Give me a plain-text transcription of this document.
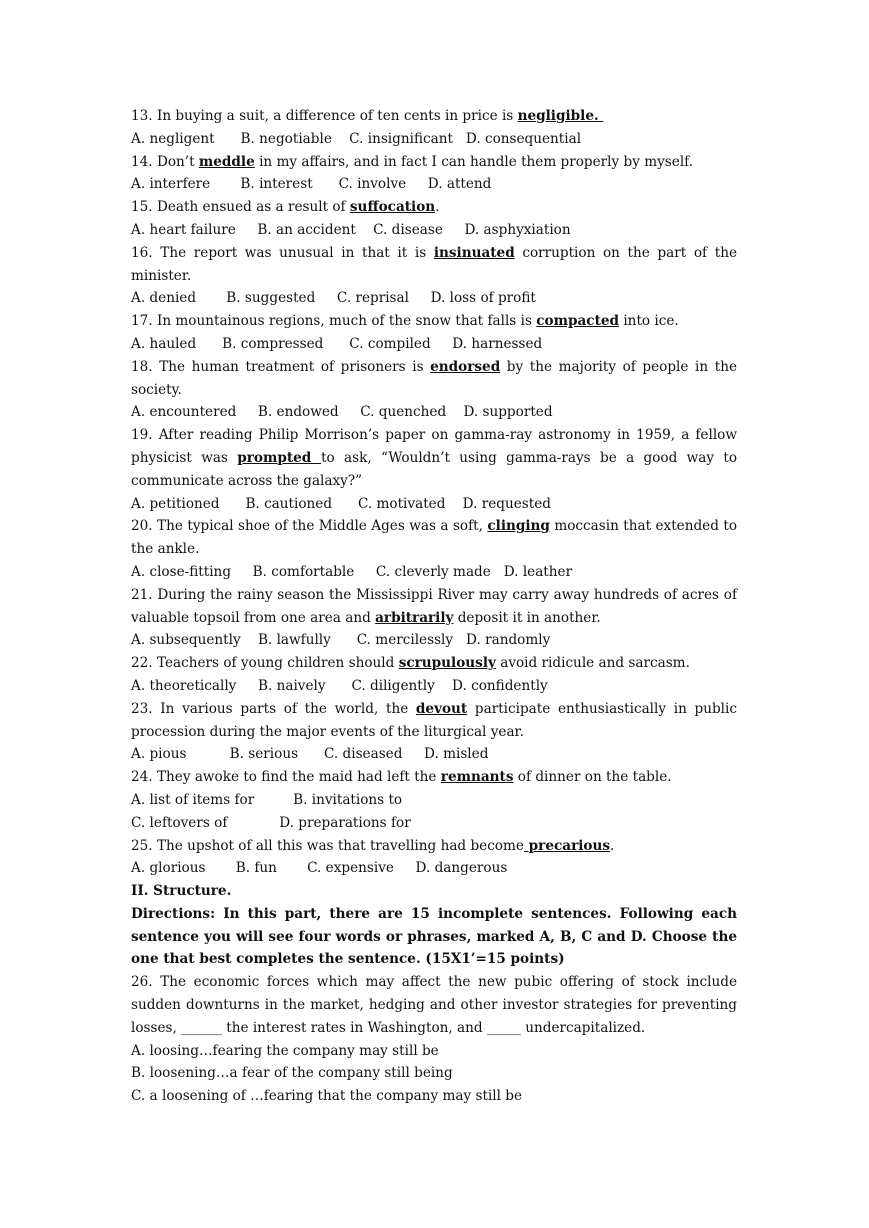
13. In buying a suit, a difference of ten cents in price is negligible.
A. negligent      B. negotiable    C. insignificant   D. consequential
14. Don’t meddle in my affairs, and in fact I can handle them properly by myself.
A. interfere       B. interest      C. involve     D. attend
15. Death ensued as a result of suffocation.
A. heart failure     B. an accident    C. disease     D. asphyxiation
16. The report was unusual in that it is insinuated corruption on the part of the minister.
A. denied       B. suggested     C. reprisal     D. loss of profit
17. In mountainous regions, much of the snow that falls is compacted into ice.
A. hauled      B. compressed      C. compiled     D. harnessed
18. The human treatment of prisoners is endorsed by the majority of people in the society.
A. encountered     B. endowed     C. quenched    D. supported
19. After reading Philip Morrison’s paper on gamma-ray astronomy in 1959, a fellow physicist was prompted to ask, “Wouldn’t using gamma-rays be a good way to communicate across the galaxy?”
A. petitioned      B. cautioned      C. motivated    D. requested
20. The typical shoe of the Middle Ages was a soft, clinging moccasin that extended to the ankle.
A. close-fitting     B. comfortable     C. cleverly made   D. leather
21. During the rainy season the Mississippi River may carry away hundreds of acres of valuable topsoil from one area and arbitrarily deposit it in another.
A. subsequently    B. lawfully      C. mercilessly   D. randomly
22. Teachers of young children should scrupulously avoid ridicule and sarcasm.
A. theoretically     B. naively      C. diligently    D. confidently
23. In various parts of the world, the devout participate enthusiastically in public procession during the major events of the liturgical year.
A. pious          B. serious      C. diseased     D. misled
24. They awoke to find the maid had left the remnants of dinner on the table.
A. list of items for         B. invitations to
C. leftovers of            D. preparations for
25. The upshot of all this was that travelling had become precarious.
A. glorious       B. fun       C. expensive     D. dangerous
II. Structure.
Directions: In this part, there are 15 incomplete sentences. Following each sentence you will see four words or phrases, marked A, B, C and D. Choose the one that best completes the sentence. (15X1’=15 points)
26. The economic forces which may affect the new pubic offering of stock include sudden downturns in the market, hedging and other investor strategies for preventing losses, ______ the interest rates in Washington, and _____ undercapitalized.
A. loosing…fearing the company may still be
B. loosening…a fear of the company still being
C. a loosening of …fearing that the company may still be
